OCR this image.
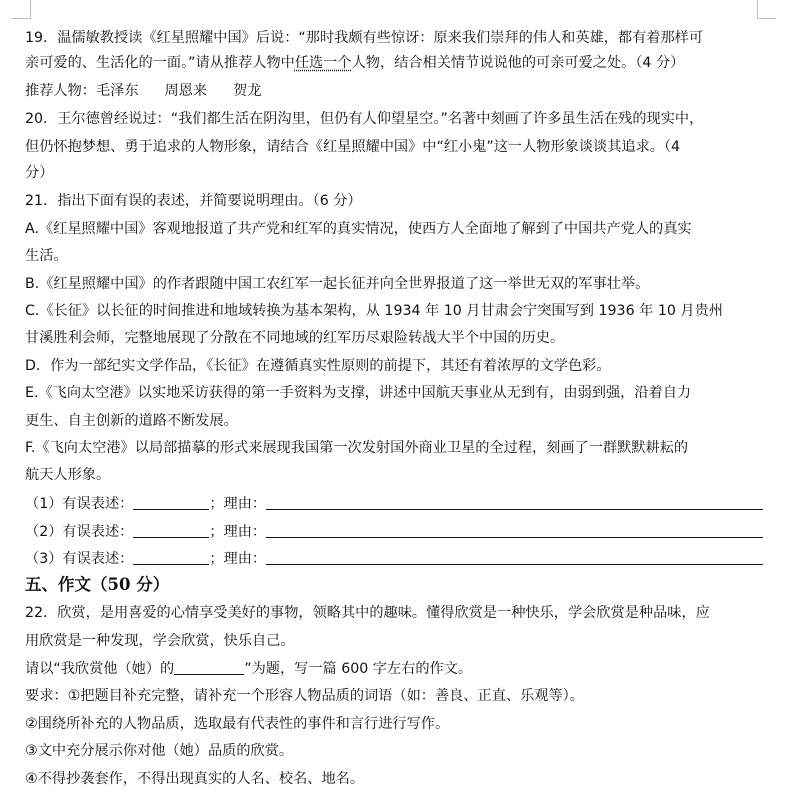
19．温儒敏教授读《红星照耀中国》后说：“那时我颇有些惊讶：原来我们崇拜的伟人和英雄，都有着那样可
亲可爱的、生活化的一面。”请从推荐人物中任选一个人物，结合相关情节说说他的可亲可爱之处。（4 分）
推荐人物：毛泽东 周恩来 贺龙
20．王尔德曾经说过：“我们都生活在阴沟里，但仍有人仰望星空。”名著中刻画了许多虽生活在残的现实中，
但仍怀抱梦想、勇于追求的人物形象，请结合《红星照耀中国》中“红小鬼”这一人物形象谈谈其追求。（4
分）
21．指出下面有误的表述，并简要说明理由。（6 分）
A.《红星照耀中国》客观地报道了共产党和红军的真实情况，使西方人全面地了解到了中国共产党人的真实
生活。
B.《红星照耀中国》的作者跟随中国工农红军一起长征并向全世界报道了这一举世无双的军事壮举。
C.《长征》以长征的时间推进和地域转换为基本架构，从 1934 年 10 月甘肃会宁突围写到 1936 年 10 月贵州
甘溪胜利会师，完整地展现了分散在不同地域的红军历尽艰险转战大半个中国的历史。
D．作为一部纪实文学作品，《长征》在遵循真实性原则的前提下，其还有着浓厚的文学色彩。
E.《飞向太空港》以实地采访获得的第一手资料为支撑，讲述中国航天事业从无到有，由弱到强，沿着自力
更生、自主创新的道路不断发展。
F.《飞向太空港》以局部描摹的形式来展现我国第一次发射国外商业卫星的全过程，刻画了一群默默耕耘的
航天人形象。
（1）有误表述：	；理由：
（2）有误表述：	；理由：
（3）有误表述：	；理由：
五、作文（50 分）
22．欣赏，是用喜爱的心情享受美好的事物，领略其中的趣味。懂得欣赏是一种快乐，学会欣赏是种品味，应
用欣赏是一种发现，学会欣赏，快乐自己。
请以“我欣赏他（她）的	”为题，写一篇 600 字左右的作文。
要求：①把题目补充完整，请补充一个形容人物品质的词语（如：善良、正直、乐观等）。
②围绕所补充的人物品质，选取最有代表性的事件和言行进行写作。
③文中充分展示你对他（她）品质的欣赏。
④不得抄袭套作，不得出现真实的人名、校名、地名。
